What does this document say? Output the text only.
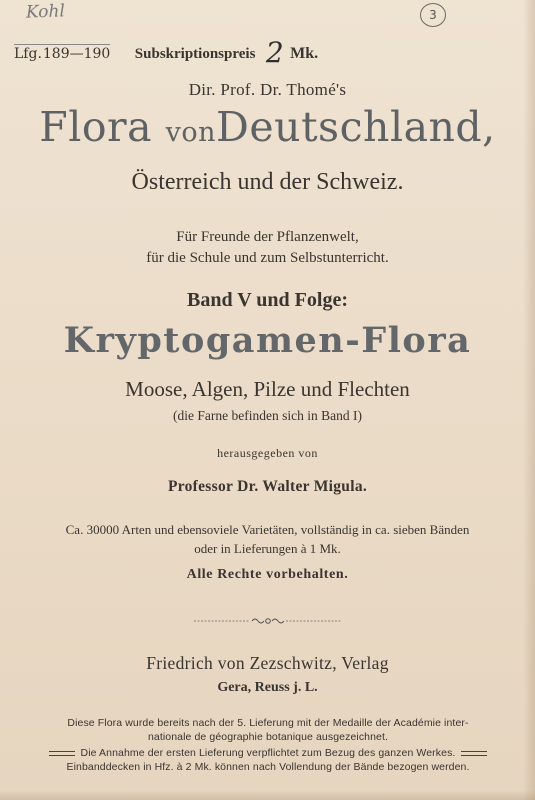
Kohl	3
Lfg.189—190 Subskriptionspreis 2 Mk.
Dir. Prof. Dr. Thomé's
Flora vonDeutschland,
Österreich und der Schweiz.
Für Freunde der Pflanzenwelt,
für die Schule und zum Selbstunterricht.
Band V und Folge:
Kryptogamen-Flora
Moose, Algen, Pilze und Flechten
(die Farne befinden sich in Band I)
herausgegeben von
Professor Dr. Walter Migula.
Ca. 30000 Arten und ebensoviele Varietäten, vollständig in ca. sieben Bänden
oder in Lieferungen à 1 Mk.
Alle Rechte vorbehalten.
Friedrich von Zezschwitz, Verlag
Gera, Reuss j. L.
Diese Flora wurde bereits nach der 5. Lieferung mit der Medaille der Académie inter-
nationale de géographie botanique ausgezeichnet.
Die Annahme der ersten Lieferung verpflichtet zum Bezug des ganzen Werkes.
Einbanddecken in Hfz. à 2 Mk. können nach Vollendung der Bände bezogen werden.
